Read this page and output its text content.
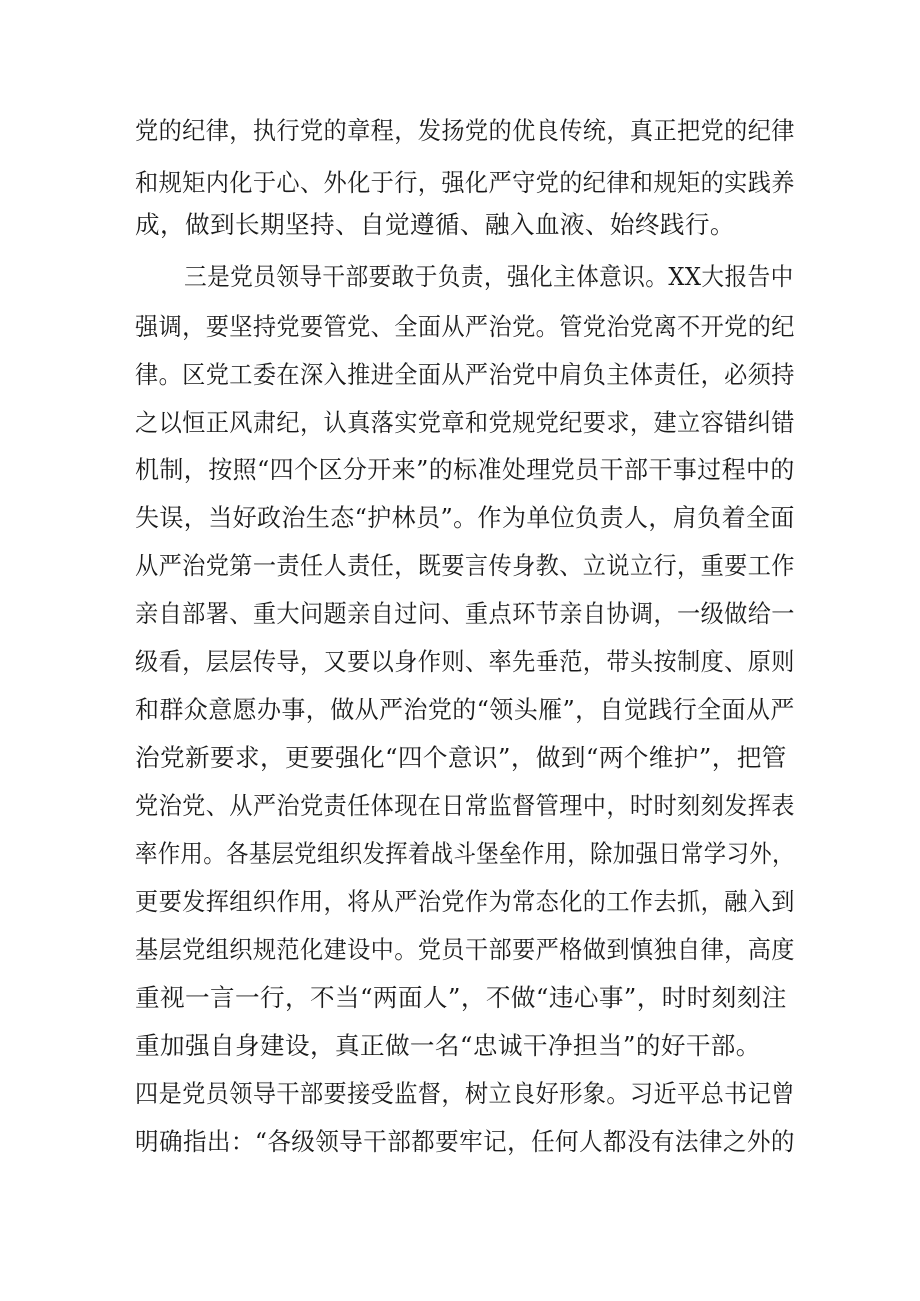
党的纪律，执行党的章程，发扬党的优良传统，真正把党的纪律
和规矩内化于心、外化于行，强化严守党的纪律和规矩的实践养
成，做到长期坚持、自觉遵循、融入血液、始终践行。
三是党员领导干部要敢于负责，强化主体意识。XX大报告中
强调，要坚持党要管党、全面从严治党。管党治党离不开党的纪
律。区党工委在深入推进全面从严治党中肩负主体责任，必须持
之以恒正风肃纪，认真落实党章和党规党纪要求，建立容错纠错
机制，按照“四个区分开来”的标准处理党员干部干事过程中的
失误，当好政治生态“护林员”。作为单位负责人，肩负着全面
从严治党第一责任人责任，既要言传身教、立说立行，重要工作
亲自部署、重大问题亲自过问、重点环节亲自协调，一级做给一
级看，层层传导，又要以身作则、率先垂范，带头按制度、原则
和群众意愿办事，做从严治党的“领头雁”，自觉践行全面从严
治党新要求，更要强化“四个意识”，做到“两个维护”，把管
党治党、从严治党责任体现在日常监督管理中，时时刻刻发挥表
率作用。各基层党组织发挥着战斗堡垒作用，除加强日常学习外，
更要发挥组织作用，将从严治党作为常态化的工作去抓，融入到
基层党组织规范化建设中。党员干部要严格做到慎独自律，高度
重视一言一行，不当“两面人”，不做“违心事”，时时刻刻注
重加强自身建设，真正做一名“忠诚干净担当”的好干部。
四是党员领导干部要接受监督，树立良好形象。习近平总书记曾
明确指出：“各级领导干部都要牢记，任何人都没有法律之外的
